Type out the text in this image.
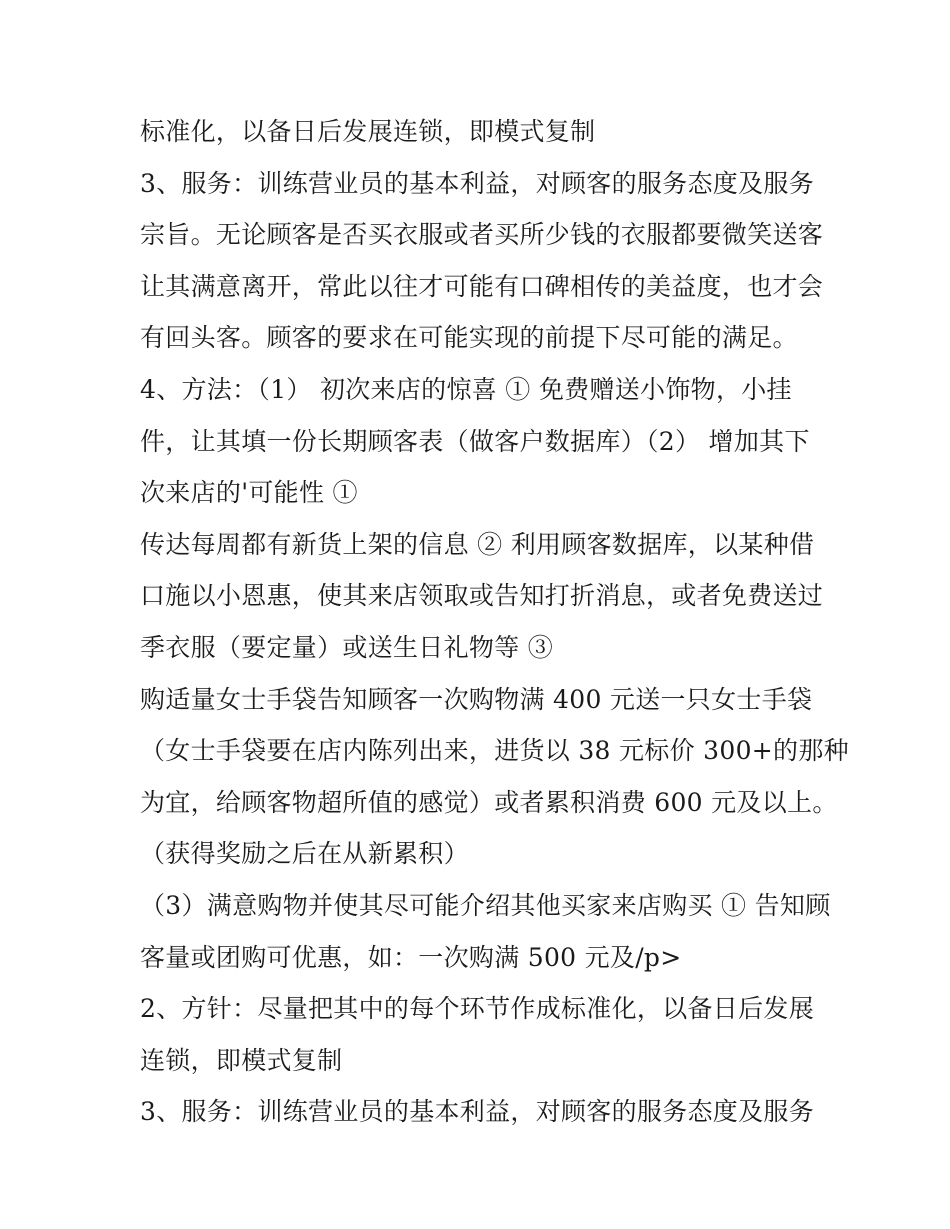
标准化，以备日后发展连锁，即模式复制
3、服务：训练营业员的基本利益，对顾客的服务态度及服务
宗旨。无论顾客是否买衣服或者买所少钱的衣服都要微笑送客
让其满意离开，常此以往才可能有口碑相传的美益度，也才会
有回头客。顾客的要求在可能实现的前提下尽可能的满足。
4、方法：（1） 初次来店的惊喜 ① 免费赠送小饰物，小挂
件，让其填一份长期顾客表（做客户数据库）（2） 增加其下
次来店的'可能性 ①
传达每周都有新货上架的信息 ② 利用顾客数据库，以某种借
口施以小恩惠，使其来店领取或告知打折消息，或者免费送过
季衣服（要定量）或送生日礼物等 ③
购适量女士手袋告知顾客一次购物满 400 元送一只女士手袋
（女士手袋要在店内陈列出来，进货以 38 元标价 300+的那种
为宜，给顾客物超所值的感觉）或者累积消费 600 元及以上。
（获得奖励之后在从新累积）
（3）满意购物并使其尽可能介绍其他买家来店购买 ① 告知顾
客量或团购可优惠，如：一次购满 500 元及/p>
2、方针：尽量把其中的每个环节作成标准化，以备日后发展
连锁，即模式复制
3、服务：训练营业员的基本利益，对顾客的服务态度及服务
